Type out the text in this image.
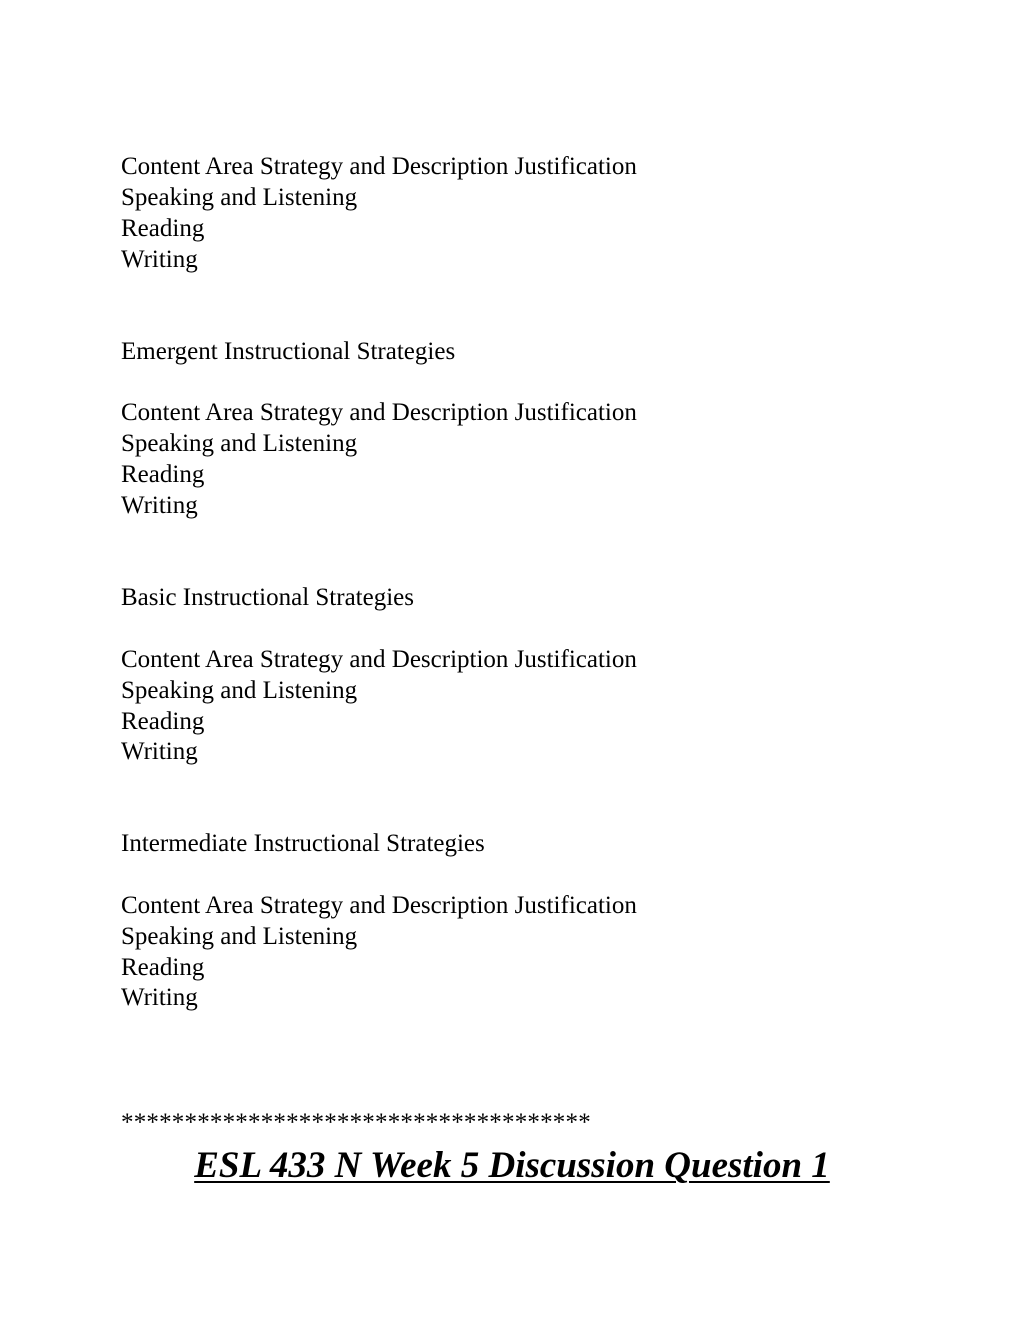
Content Area Strategy and Description Justification
Speaking and Listening
Reading
Writing
Emergent Instructional Strategies
Content Area Strategy and Description Justification
Speaking and Listening
Reading
Writing
Basic Instructional Strategies
Content Area Strategy and Description Justification
Speaking and Listening
Reading
Writing
Intermediate Instructional Strategies
Content Area Strategy and Description Justification
Speaking and Listening
Reading
Writing
*************************************
ESL 433 N Week 5 Discussion Question 1
